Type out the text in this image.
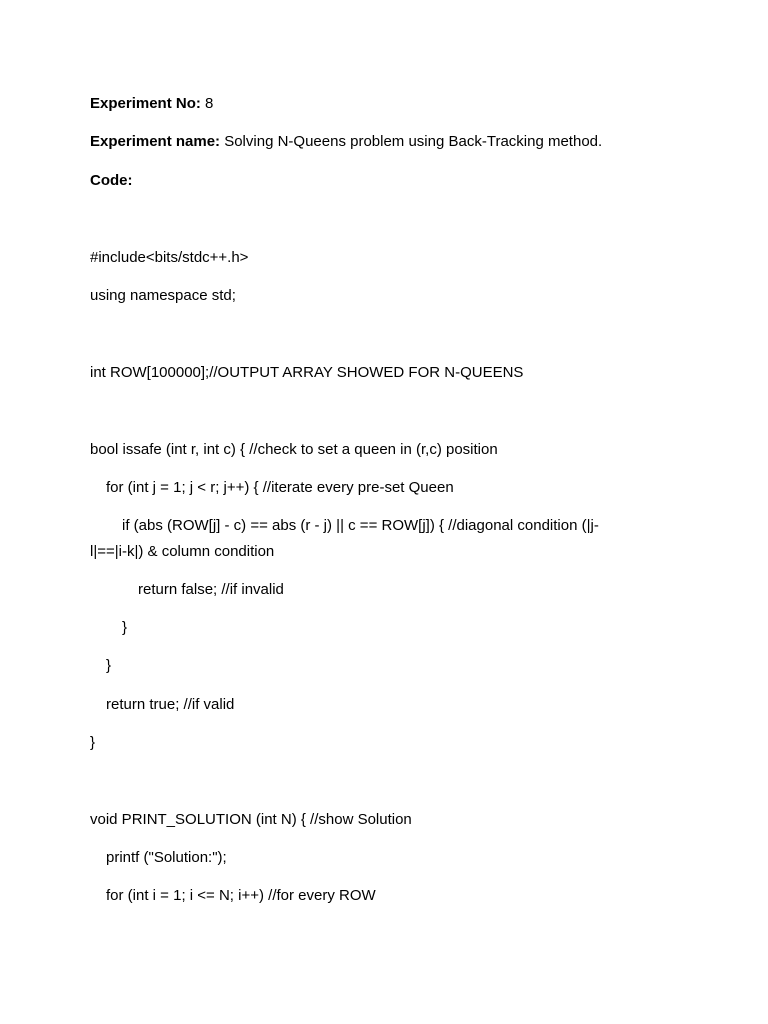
Experiment No: 8
Experiment name: Solving N-Queens problem using Back-Tracking method.
Code:
#include<bits/stdc++.h>
using namespace std;
int ROW[100000];//OUTPUT ARRAY SHOWED FOR N-QUEENS
bool issafe (int r, int c) { //check to set a queen in (r,c) position
for (int j = 1; j < r; j++) { //iterate every pre-set Queen
if (abs (ROW[j] - c) == abs (r - j) || c == ROW[j]) { //diagonal condition (|j-
l|==|i-k|) & column condition
return false; //if invalid
}
}
return true; //if valid
}
void PRINT_SOLUTION (int N) { //show Solution
printf ("Solution:");
for (int i = 1; i <= N; i++) //for every ROW
